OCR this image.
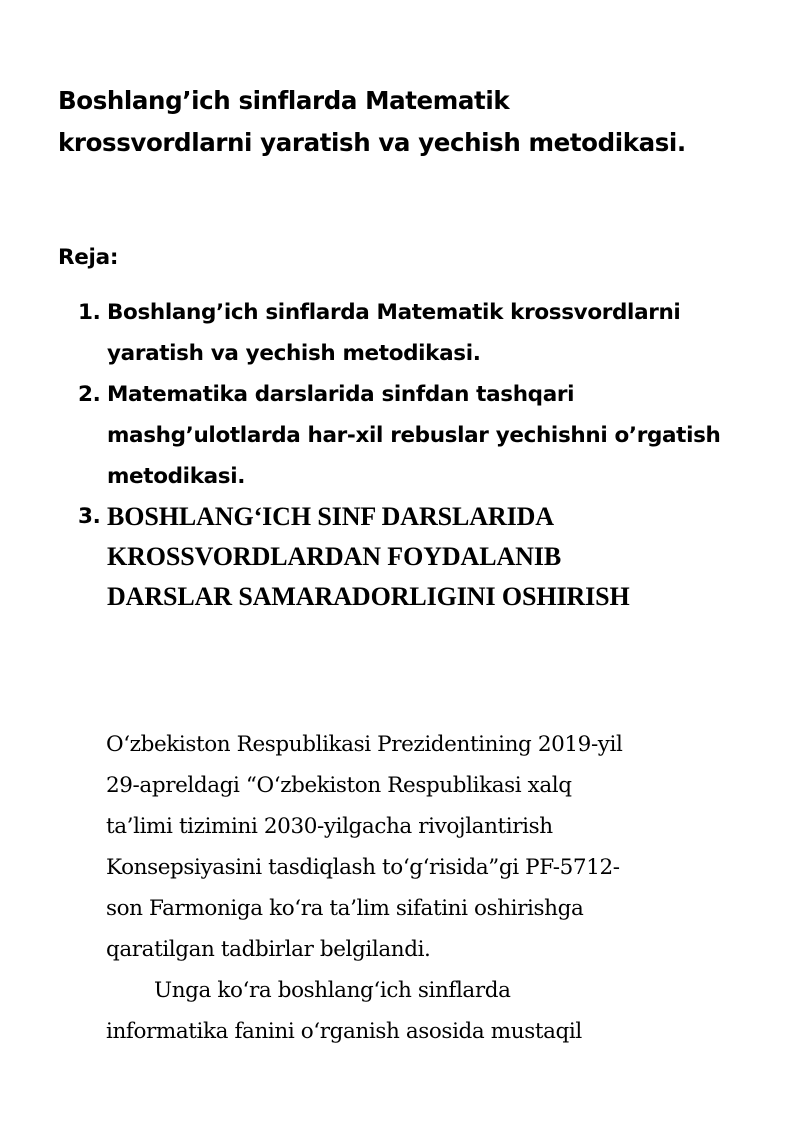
Boshlang’ich sinflarda Matematik
krossvordlarni yaratish va yechish metodikasi.

Reja:

1. Boshlang’ich sinflarda Matematik krossvordlarni
yaratish va yechish metodikasi.
2. Matematika darslarida sinfdan tashqari
mashg’ulotlarda har-xil rebuslar yechishni o’rgatish
metodikasi.
3. BOSHLANGʻICH SINF DARSLARIDA
KROSSVORDLARDAN FOYDALANIB
DARSLAR SAMARADORLIGINI OSHIRISH
Oʻzbekiston Respublikasi Prezidentining 2019-yil
29-apreldagi “Oʻzbekiston Respublikasi xalq
ta’limi tizimini 2030-yilgacha rivojlantirish
Konsepsiyasini tasdiqlash toʻgʻrisida”gi PF-5712-
son Farmoniga koʻra ta’lim sifatini oshirishga
qaratilgan tadbirlar belgilandi.
Unga koʻra boshlangʻich sinflarda
informatika fanini oʻrganish asosida mustaqil
